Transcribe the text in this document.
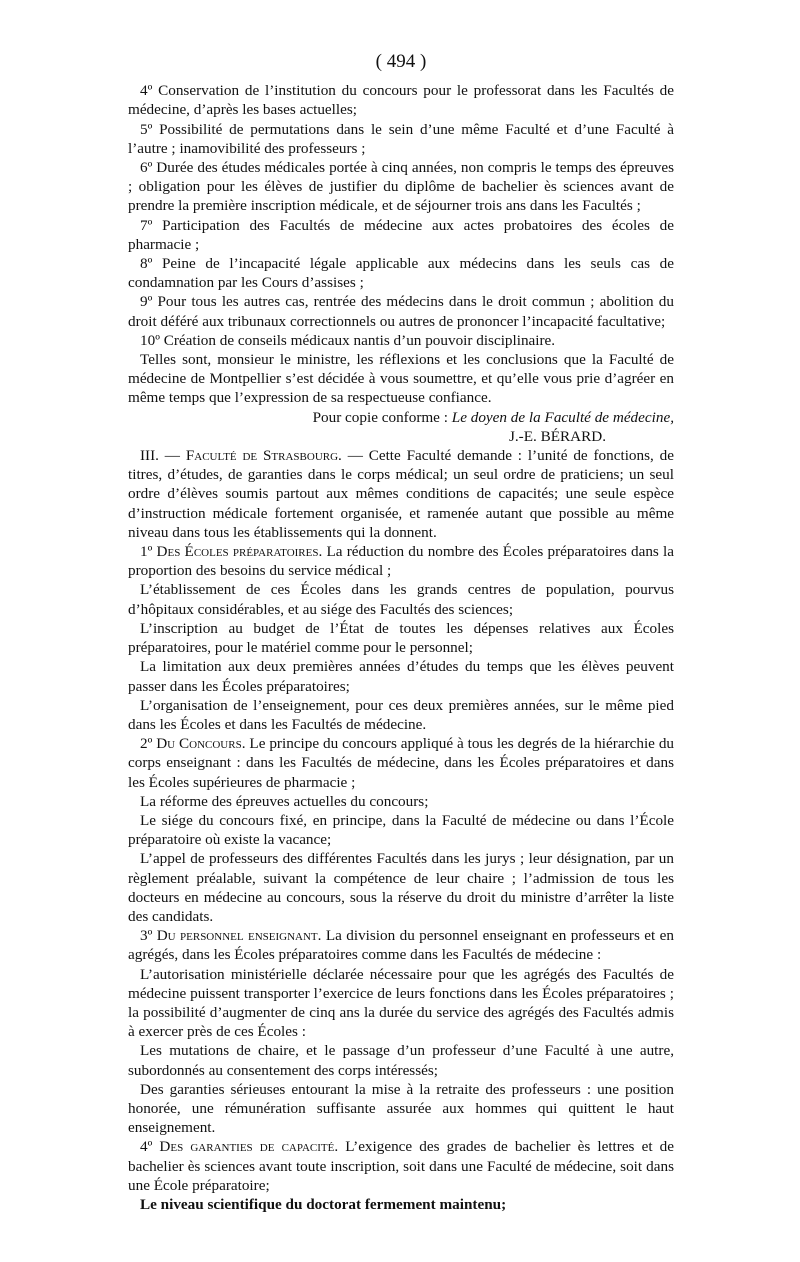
( 494 )

4º Conservation de l’institution du concours pour le professorat dans les Facultés de médecine, d’après les bases actuelles;

5º Possibilité de permutations dans le sein d’une même Faculté et d’une Faculté à l’autre ; inamovibilité des professeurs ;

6º Durée des études médicales portée à cinq années, non compris le temps des épreuves ; obligation pour les élèves de justifier du diplôme de bachelier ès sciences avant de prendre la première inscription médicale, et de séjourner trois ans dans les Facultés ;

7º Participation des Facultés de médecine aux actes probatoires des écoles de pharmacie ;

8º Peine de l’incapacité légale applicable aux médecins dans les seuls cas de condamnation par les Cours d’assises ;

9º Pour tous les autres cas, rentrée des médecins dans le droit commun ; abolition du droit déféré aux tribunaux correctionnels ou autres de prononcer l’incapacité facultative;

10º Création de conseils médicaux nantis d’un pouvoir disciplinaire.

Telles sont, monsieur le ministre, les réflexions et les conclusions que la Faculté de médecine de Montpellier s’est décidée à vous soumettre, et qu’elle vous prie d’agréer en même temps que l’expression de sa respectueuse confiance.

Pour copie conforme : Le doyen de la Faculté de médecine,

J.-E. BÉRARD.

III. — Faculté de Strasbourg. — Cette Faculté demande : l’unité de fonctions, de titres, d’études, de garanties dans le corps médical; un seul ordre de praticiens; un seul ordre d’élèves soumis partout aux mêmes conditions de capacités; une seule espèce d’instruction médicale fortement organisée, et ramenée autant que possible au même niveau dans tous les établissements qui la donnent.

1º Des Écoles préparatoires. La réduction du nombre des Écoles préparatoires dans la proportion des besoins du service médical ;

L’établissement de ces Écoles dans les grands centres de population, pourvus d’hôpitaux considérables, et au siége des Facultés des sciences;

L’inscription au budget de l’État de toutes les dépenses relatives aux Écoles préparatoires, pour le matériel comme pour le personnel;

La limitation aux deux premières années d’études du temps que les élèves peuvent passer dans les Écoles préparatoires;

L’organisation de l’enseignement, pour ces deux premières années, sur le même pied dans les Écoles et dans les Facultés de médecine.

2º Du Concours. Le principe du concours appliqué à tous les degrés de la hiérarchie du corps enseignant : dans les Facultés de médecine, dans les Écoles préparatoires et dans les Écoles supérieures de pharmacie ;

La réforme des épreuves actuelles du concours;

Le siége du concours fixé, en principe, dans la Faculté de médecine ou dans l’École préparatoire où existe la vacance;

L’appel de professeurs des différentes Facultés dans les jurys ; leur désignation, par un règlement préalable, suivant la compétence de leur chaire ; l’admission de tous les docteurs en médecine au concours, sous la réserve du droit du ministre d’arrêter la liste des candidats.

3º Du personnel enseignant. La division du personnel enseignant en professeurs et en agrégés, dans les Écoles préparatoires comme dans les Facultés de médecine :

L’autorisation ministérielle déclarée nécessaire pour que les agrégés des Facultés de médecine puissent transporter l’exercice de leurs fonctions dans les Écoles préparatoires ; la possibilité d’augmenter de cinq ans la durée du service des agrégés des Facultés admis à exercer près de ces Écoles :

Les mutations de chaire, et le passage d’un professeur d’une Faculté à une autre, subordonnés au consentement des corps intéressés;

Des garanties sérieuses entourant la mise à la retraite des professeurs : une position honorée, une rémunération suffisante assurée aux hommes qui quittent le haut enseignement.

4º Des garanties de capacité. L’exigence des grades de bachelier ès lettres et de bachelier ès sciences avant toute inscription, soit dans une Faculté de médecine, soit dans une École préparatoire;

Le niveau scientifique du doctorat fermement maintenu;
